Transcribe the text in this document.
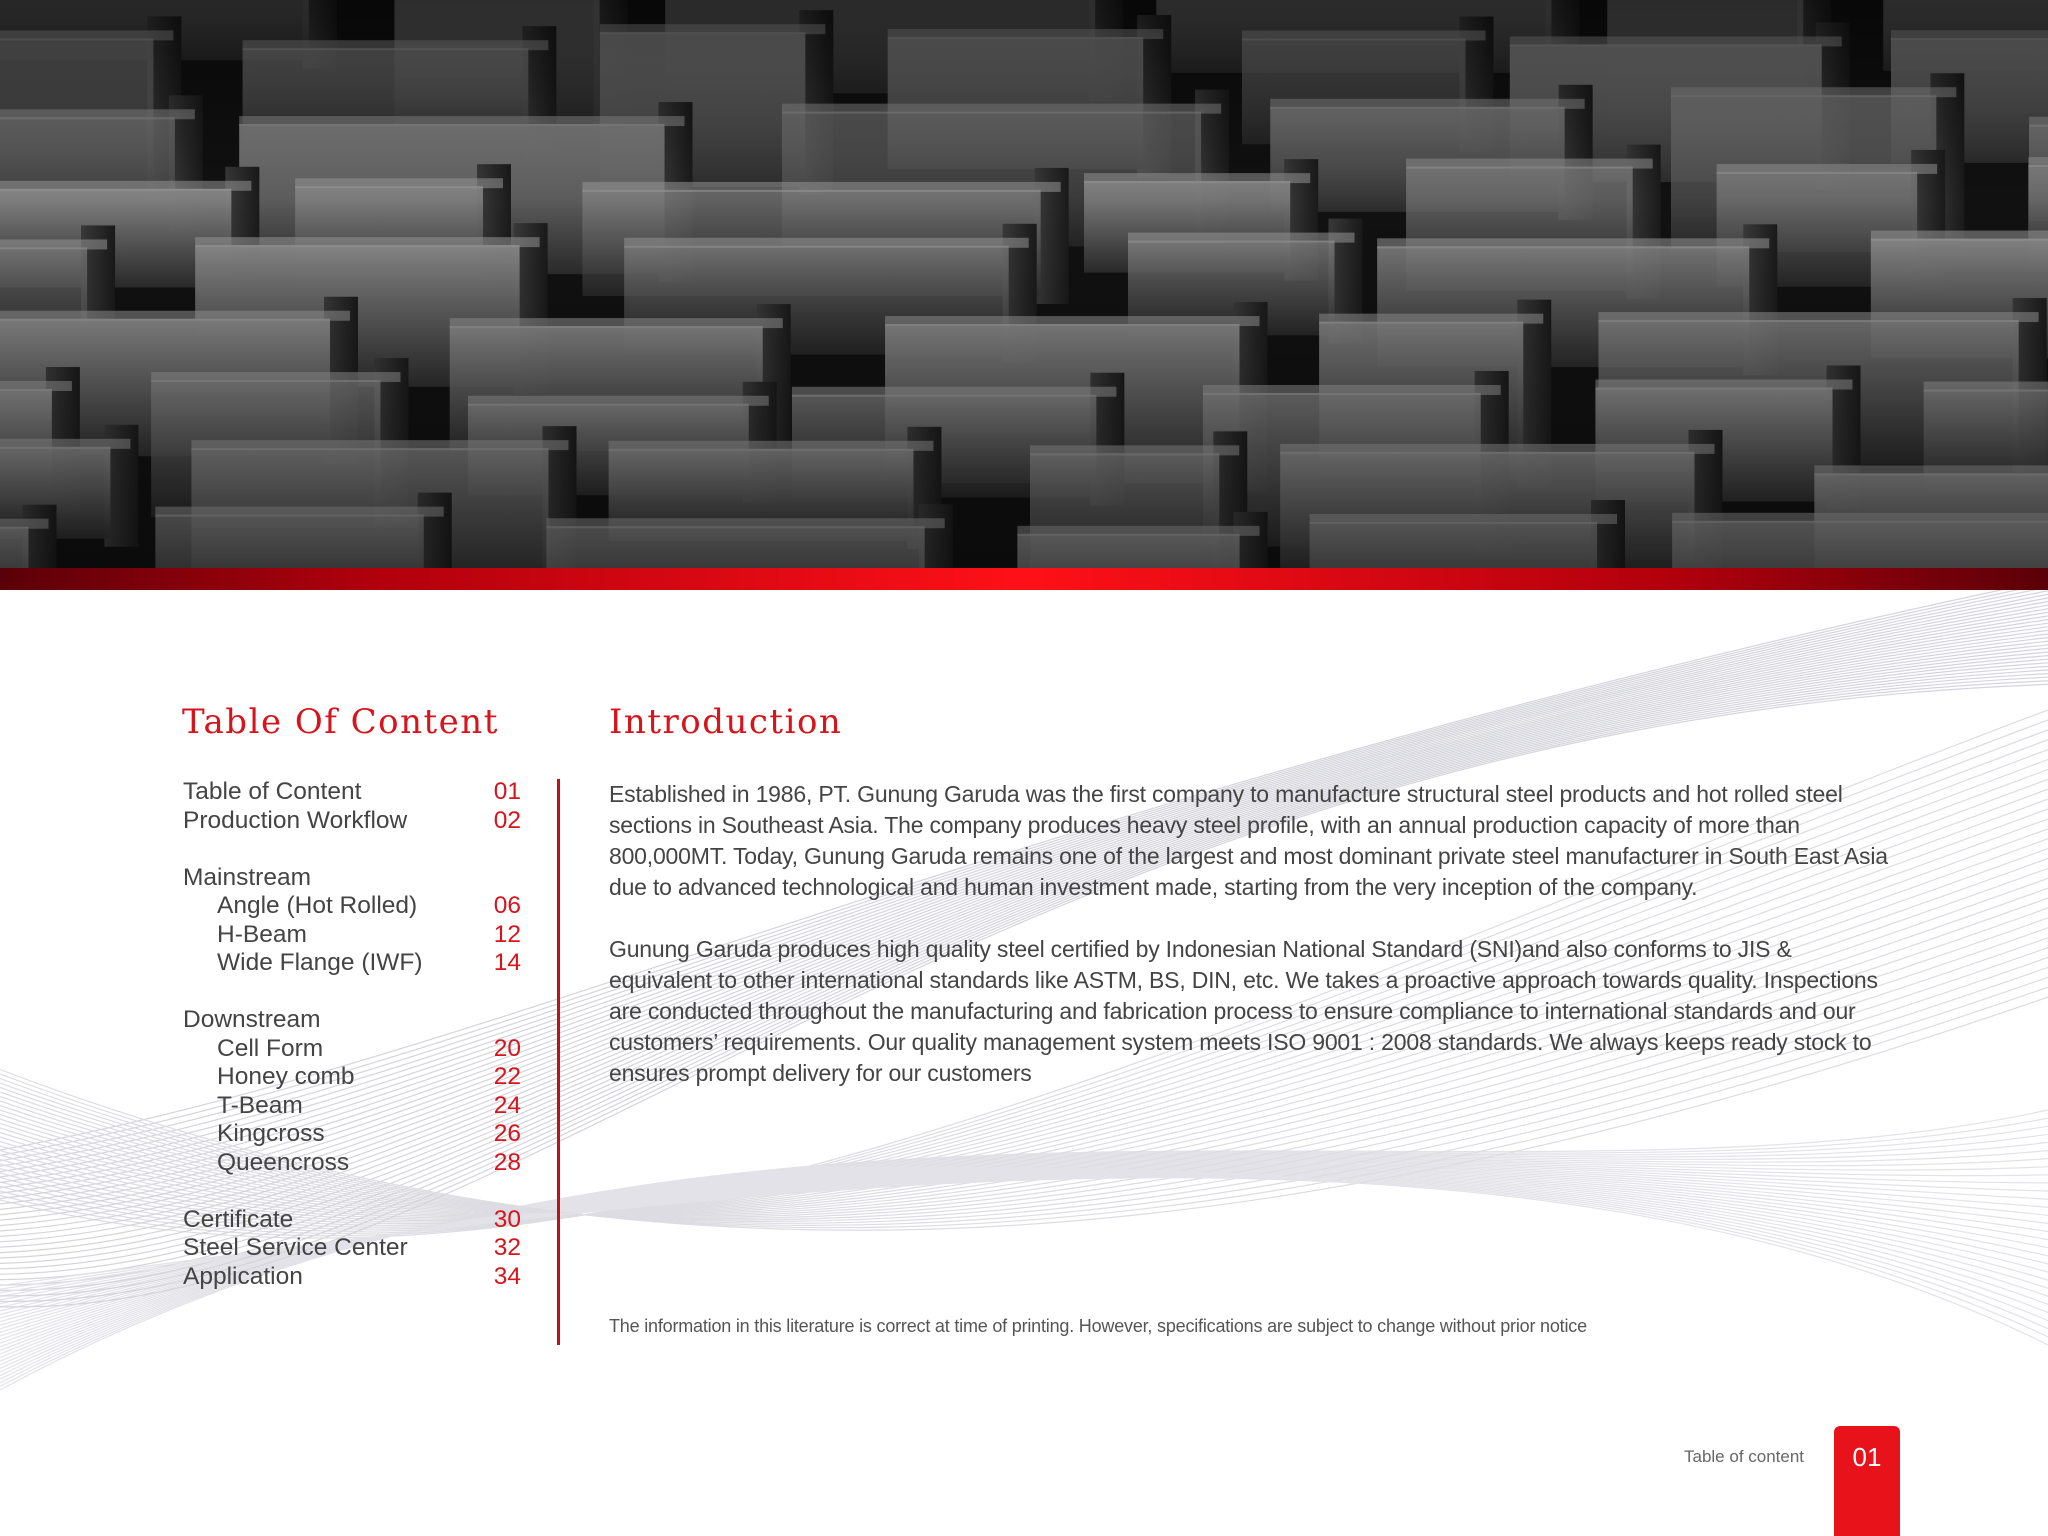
Table Of Content
Table of Content	01
Production Workflow	02
Mainstream
Angle (Hot Rolled)	06
H-Beam	12
Wide Flange (IWF)	14
Downstream
Cell Form	20
Honey comb	22
T-Beam	24
Kingcross	26
Queencross	28
Certificate	30
Steel Service Center	32
Application	34
Introduction

Established in 1986, PT. Gunung Garuda was the first company to manufacture structural steel products and hot rolled steel sections in Southeast Asia. The company produces heavy steel profile, with an annual production capacity of more than 800,000MT. Today, Gunung Garuda remains one of the largest and most dominant private steel manufacturer in South East Asia due to advanced technological and human investment made, starting from the very inception of the company.

Gunung Garuda produces high quality steel certified by Indonesian National Standard (SNI)and also conforms to JIS & equivalent to other international standards like ASTM, BS, DIN, etc. We takes a proactive approach towards quality. Inspections are conducted throughout the manufacturing and fabrication process to ensure compliance to international standards and our customers’ requirements. Our quality management system meets ISO 9001 : 2008 standards. We always keeps ready stock to ensures prompt delivery for our customers

The information in this literature is correct at time of printing. However, specifications are subject to change without prior notice

Table of content	01
